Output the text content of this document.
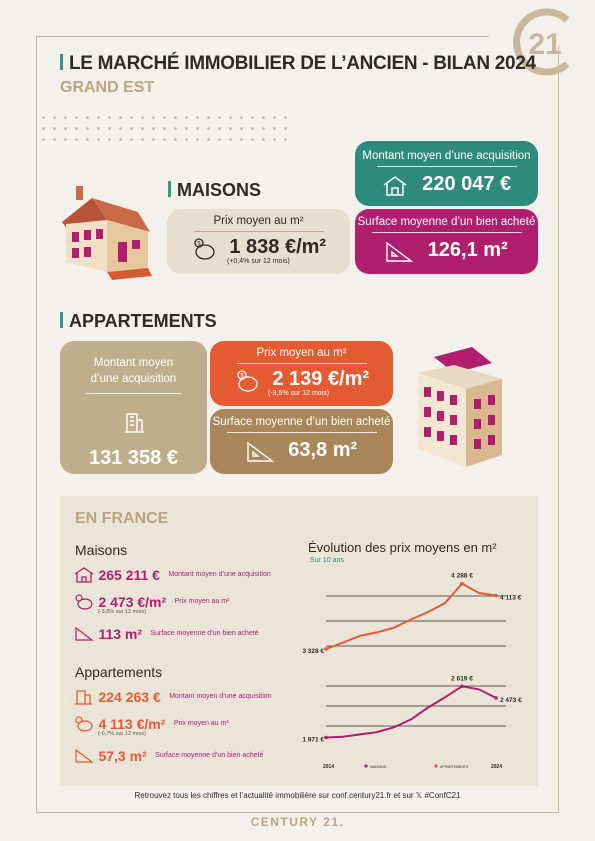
21
LE MARCHÉ IMMOBILIER DE L’ANCIEN - BILAN 2024
GRAND EST
MAISONS
Montant moyen d’une acquisition
220 047 €
Prix moyen au m²
$ 1 838 €/m²
(+0,4% sur 12 mois)
Surface moyenne d’un bien acheté
126,1 m²
APPARTEMENTS
Montant moyen d’une acquisition
131 358 €
Prix moyen au m²
$ 2 139 €/m²
(-3,5% sur 12 mois)
Surface moyenne d’un bien acheté
63,8 m²
EN FRANCE
Maisons
265 211 € Montant moyen d’une acquisition
2 473 €/m² Prix moyen au m²
(-3,8% sur 12 mois)
113 m² Surface moyenne d’un bien acheté
Appartements
224 263 € Montant moyen d’une acquisition
4 113 €/m² Prix moyen au m²
(-0,7% sur 12 mois)
57,3 m² Surface moyenne d’un bien acheté
Évolution des prix moyens en m²
Sur 10 ans
3 328 €
4 288 €
4 113 €
1 971 €
2 619 €
2 473 €
2014	2024
MAISONS	APPARTEMENTS
Retrouvez tous les chiffres et l’actualité immobilière sur conf.century21.fr et sur 𝕏 #ConfC21
CENTURY 21.
